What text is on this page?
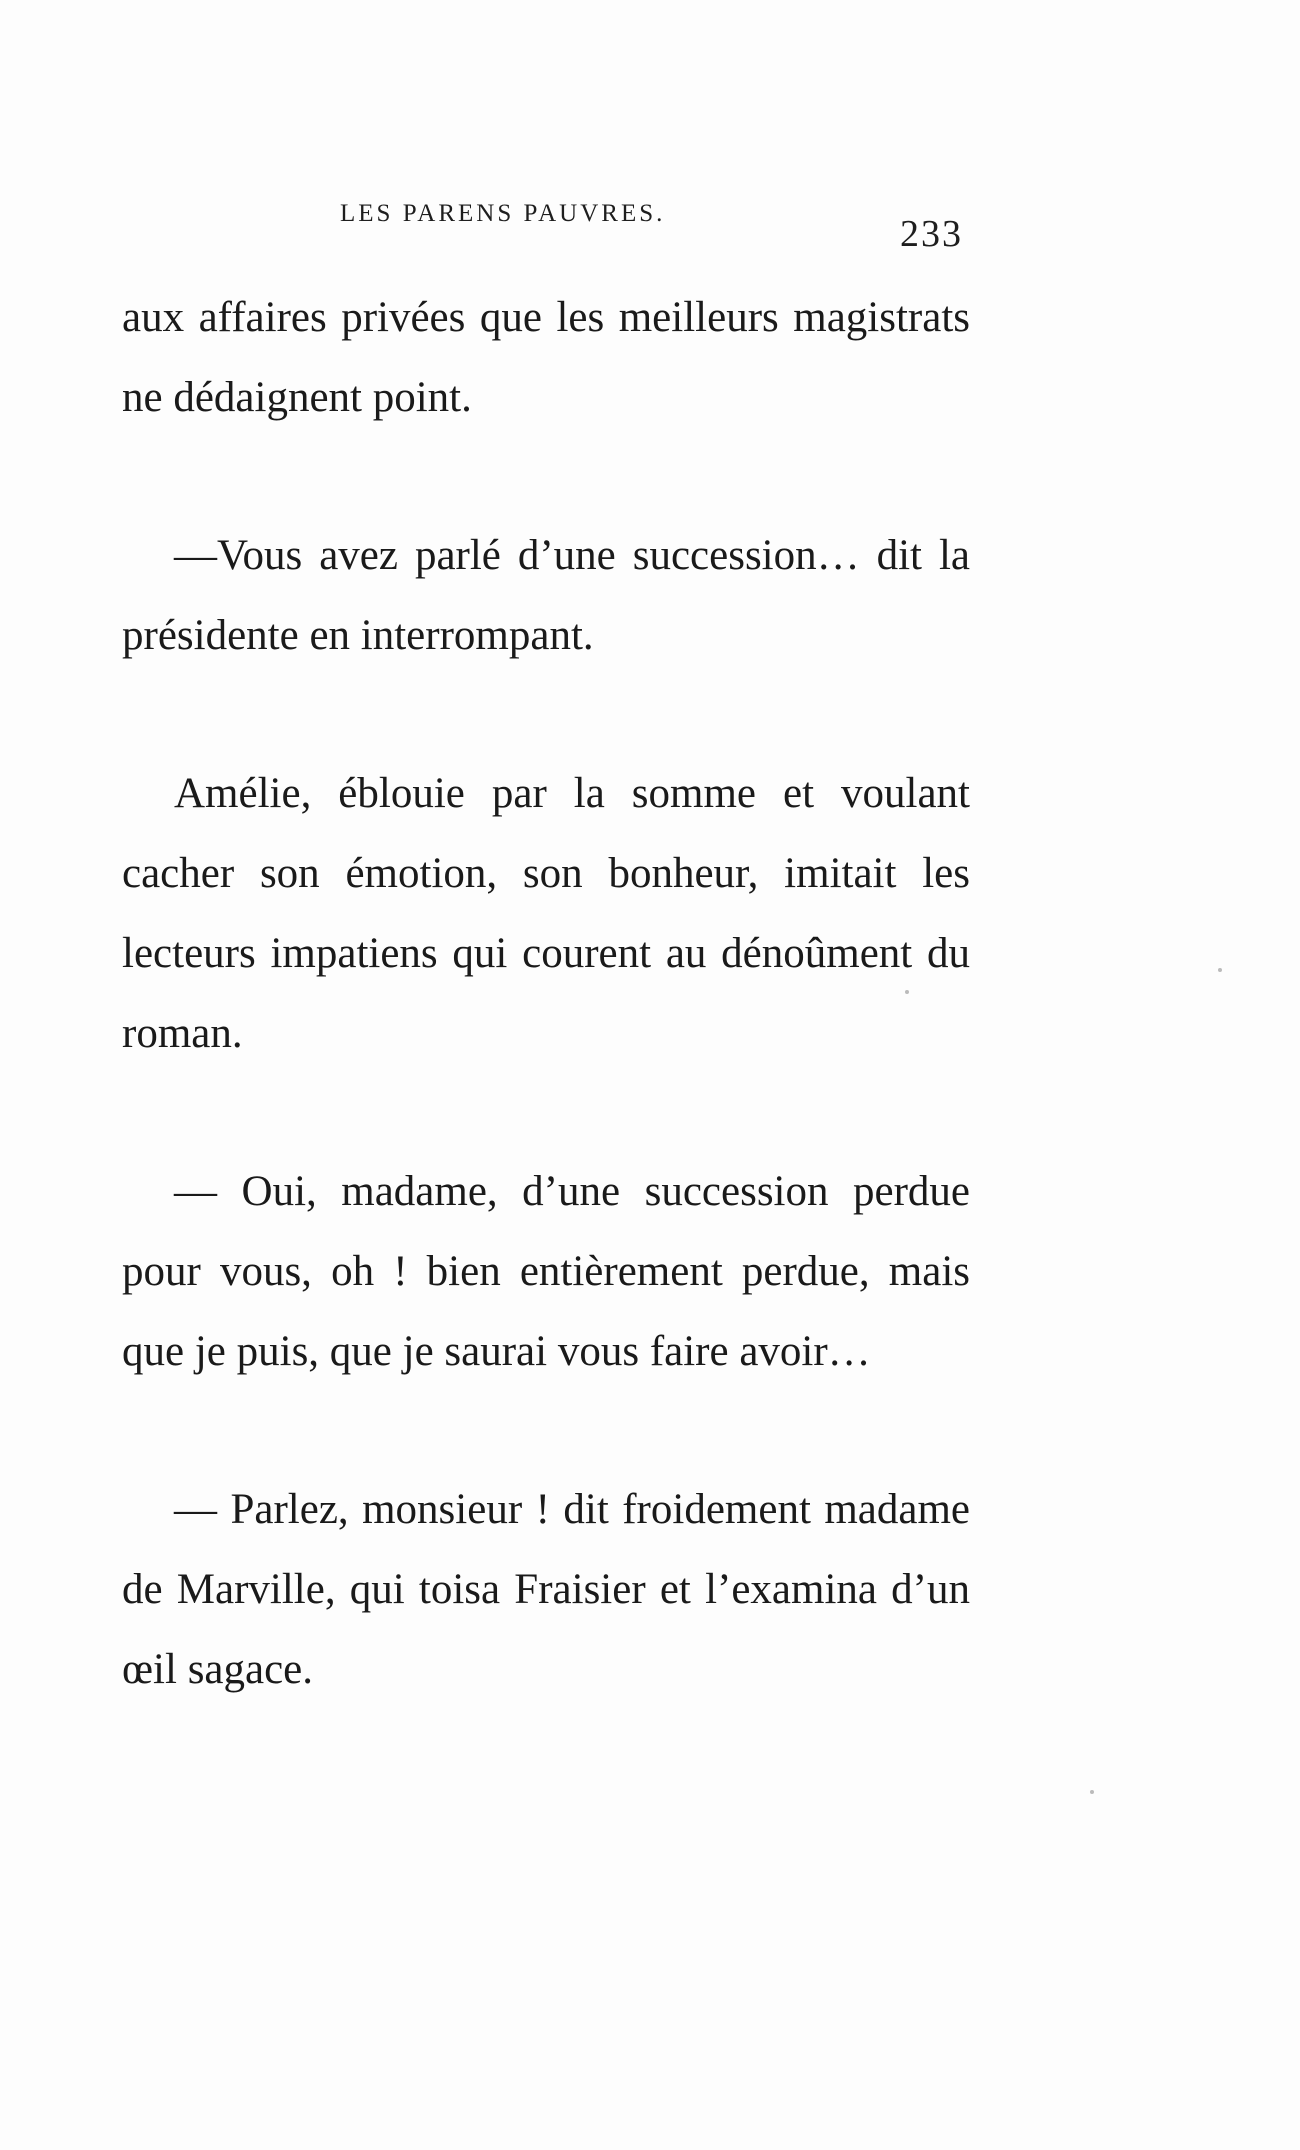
LES PARENS PAUVRES.	233

aux affaires privées que les meilleurs magistrats ne dédaignent point.

—Vous avez parlé d’une succession… dit la présidente en interrompant.

Amélie, éblouie par la somme et voulant cacher son émotion, son bonheur, imitait les lecteurs impatiens qui courent au dénoûment du roman.

— Oui, madame, d’une succession perdue pour vous, oh ! bien entièrement perdue, mais que je puis, que je saurai vous faire avoir…

— Parlez, monsieur ! dit froidement madame de Marville, qui toisa Fraisier et l’examina d’un œil sagace.
